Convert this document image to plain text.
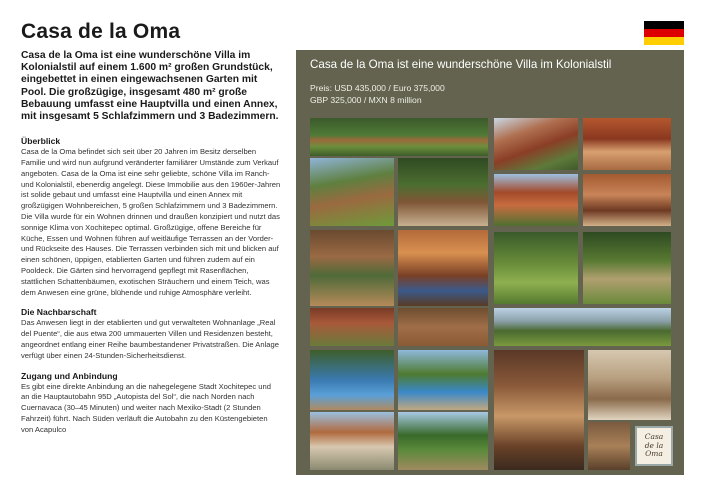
Casa de la Oma

Casa de la Oma ist eine wunderschöne Villa im Kolonialstil auf einem 1.600 m² großen Grundstück, eingebettet in einen eingewachsenen Garten mit Pool. Die großzügige, insgesamt 480 m² große Bebauung umfasst eine Hauptvilla und einen Annex, mit insgesamt 5 Schlafzimmern und 3 Badezimmern.

Überblick

Casa de la Oma befindet sich seit über 20 Jahren im Besitz derselben Familie und wird nun aufgrund veränderter familiärer Umstände zum Verkauf angeboten. Casa de la Oma ist eine sehr geliebte, schöne Villa im Ranch- und Kolonialstil, ebenerdig angelegt. Diese Immobilie aus den 1960er-Jahren ist solide gebaut und umfasst eine Hauptvilla und einen Annex mit großzügigen Wohnbereichen, 5 großen Schlafzimmern und 3 Badezimmern. Die Villa wurde für ein Wohnen drinnen und draußen konzipiert und nutzt das sonnige Klima von Xochitepec optimal. Großzügige, offene Bereiche für Küche, Essen und Wohnen führen auf weitläufige Terrassen an der Vorder- und Rückseite des Hauses. Die Terrassen verbinden sich mit und blicken auf einen schönen, üppigen, etablierten Garten und führen zudem auf ein Pooldeck. Die Gärten sind hervorragend gepflegt mit Rasenflächen, stattlichen Schattenbäumen, exotischen Sträuchern und einem Teich, was dem Anwesen eine grüne, blühende und ruhige Atmosphäre verleiht.

Die Nachbarschaft

Das Anwesen liegt in der etablierten und gut verwalteten Wohnanlage „Real del Puente“, die aus etwa 200 ummauerten Villen und Residenzen besteht, angeordnet entlang einer Reihe baumbestandener Privatstraßen. Die Anlage verfügt über einen 24-Stunden-Sicherheitsdienst.

Zugang und Anbindung

Es gibt eine direkte Anbindung an die nahegelegene Stadt Xochitepec und an die Hauptautobahn 95D „Autopista del Sol“, die nach Norden nach Cuernavaca (30–45 Minuten) und weiter nach Mexiko-Stadt (2 Stunden Fahrzeit) führt. Nach Süden verläuft die Autobahn zu den Küstengebieten von Acapulco

Casa de la Oma ist eine wunderschöne Villa im Kolonialstil
Preis: USD 435,000 / Euro 375,000
GBP 325,000 / MXN 8 million
Casa
de la
Oma
